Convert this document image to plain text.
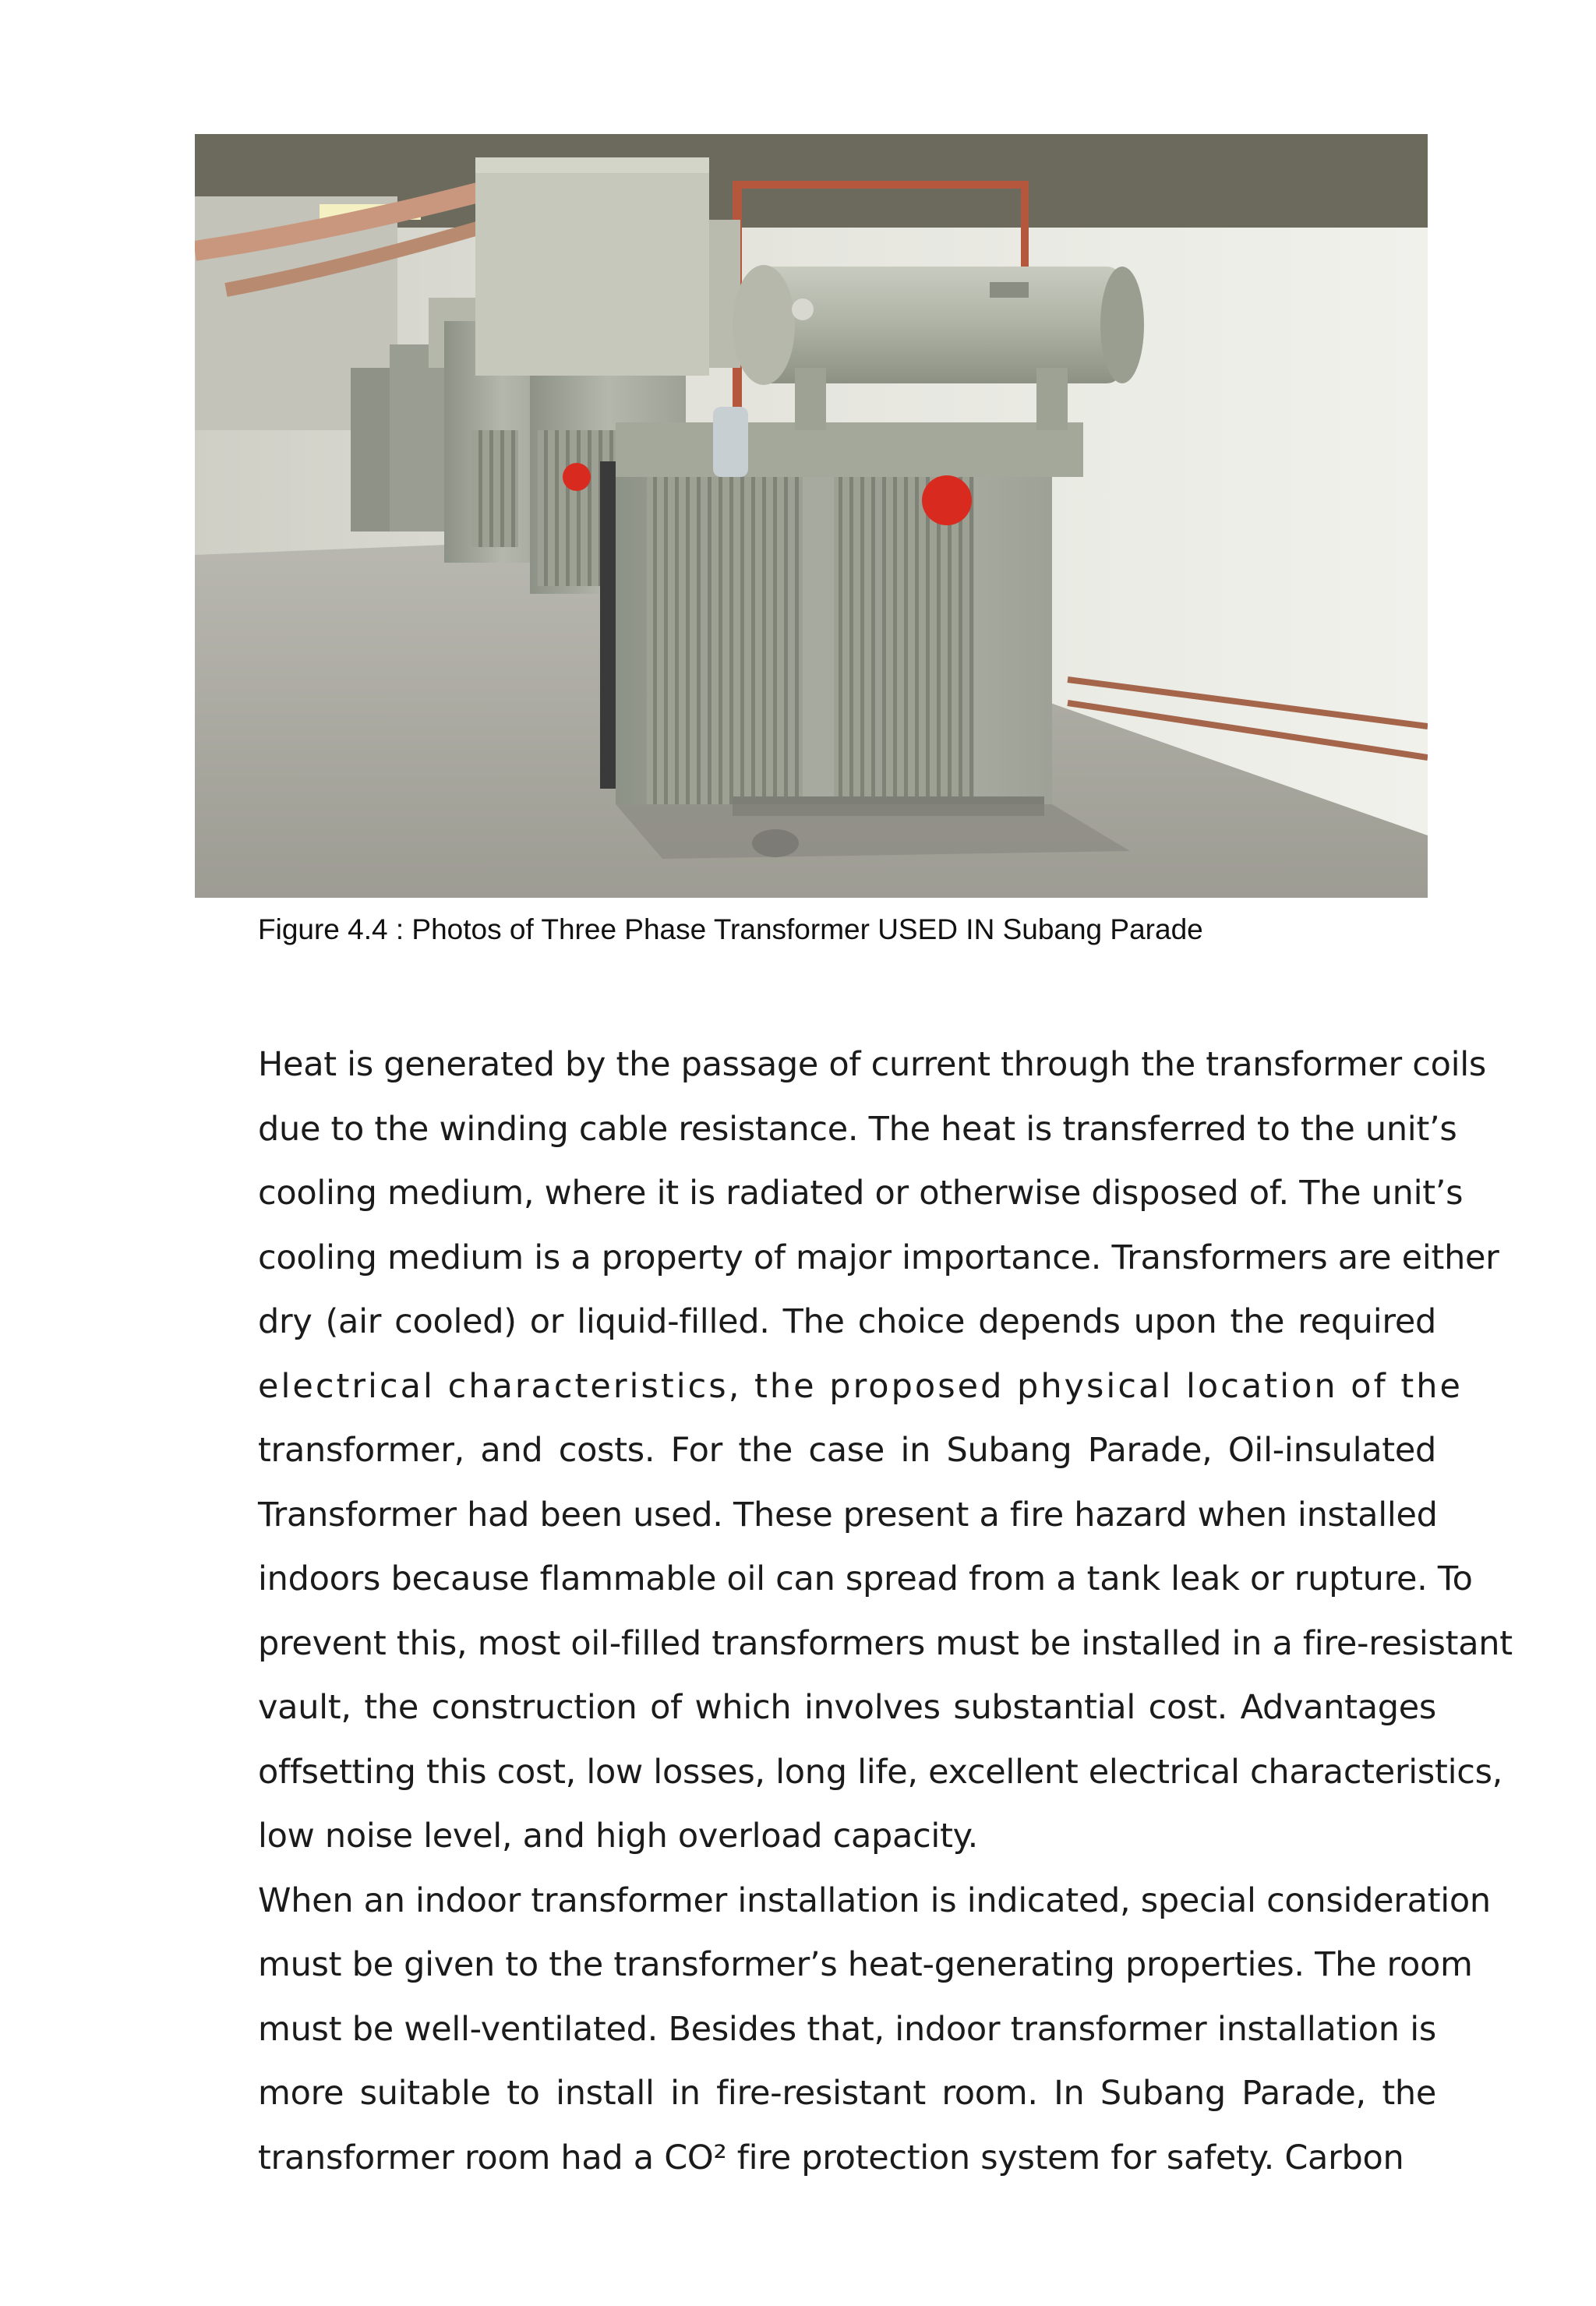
Figure 4.4 : Photos of Three Phase Transformer USED IN Subang Parade

Heat is generated by the passage of current through the transformer coils

due to the winding cable resistance. The heat is transferred to the unit’s

cooling medium, where it is radiated or otherwise disposed of. The unit’s

cooling medium is a property of major importance. Transformers are either

dry (air cooled) or liquid-filled. The choice depends upon the required

electrical characteristics, the proposed physical location of the

transformer, and costs. For the case in Subang Parade, Oil-insulated

Transformer had been used. These present a fire hazard when installed

indoors because flammable oil can spread from a tank leak or rupture. To

prevent this, most oil-filled transformers must be installed in a fire-resistant

vault, the construction of which involves substantial cost. Advantages

offsetting this cost, low losses, long life, excellent electrical characteristics,

low noise level, and high overload capacity.

When an indoor transformer installation is indicated, special consideration

must be given to the transformer’s heat-generating properties. The room

must be well-ventilated. Besides that, indoor transformer installation is

more suitable to install in fire-resistant room. In Subang Parade, the

transformer room had a CO² fire protection system for safety. Carbon
